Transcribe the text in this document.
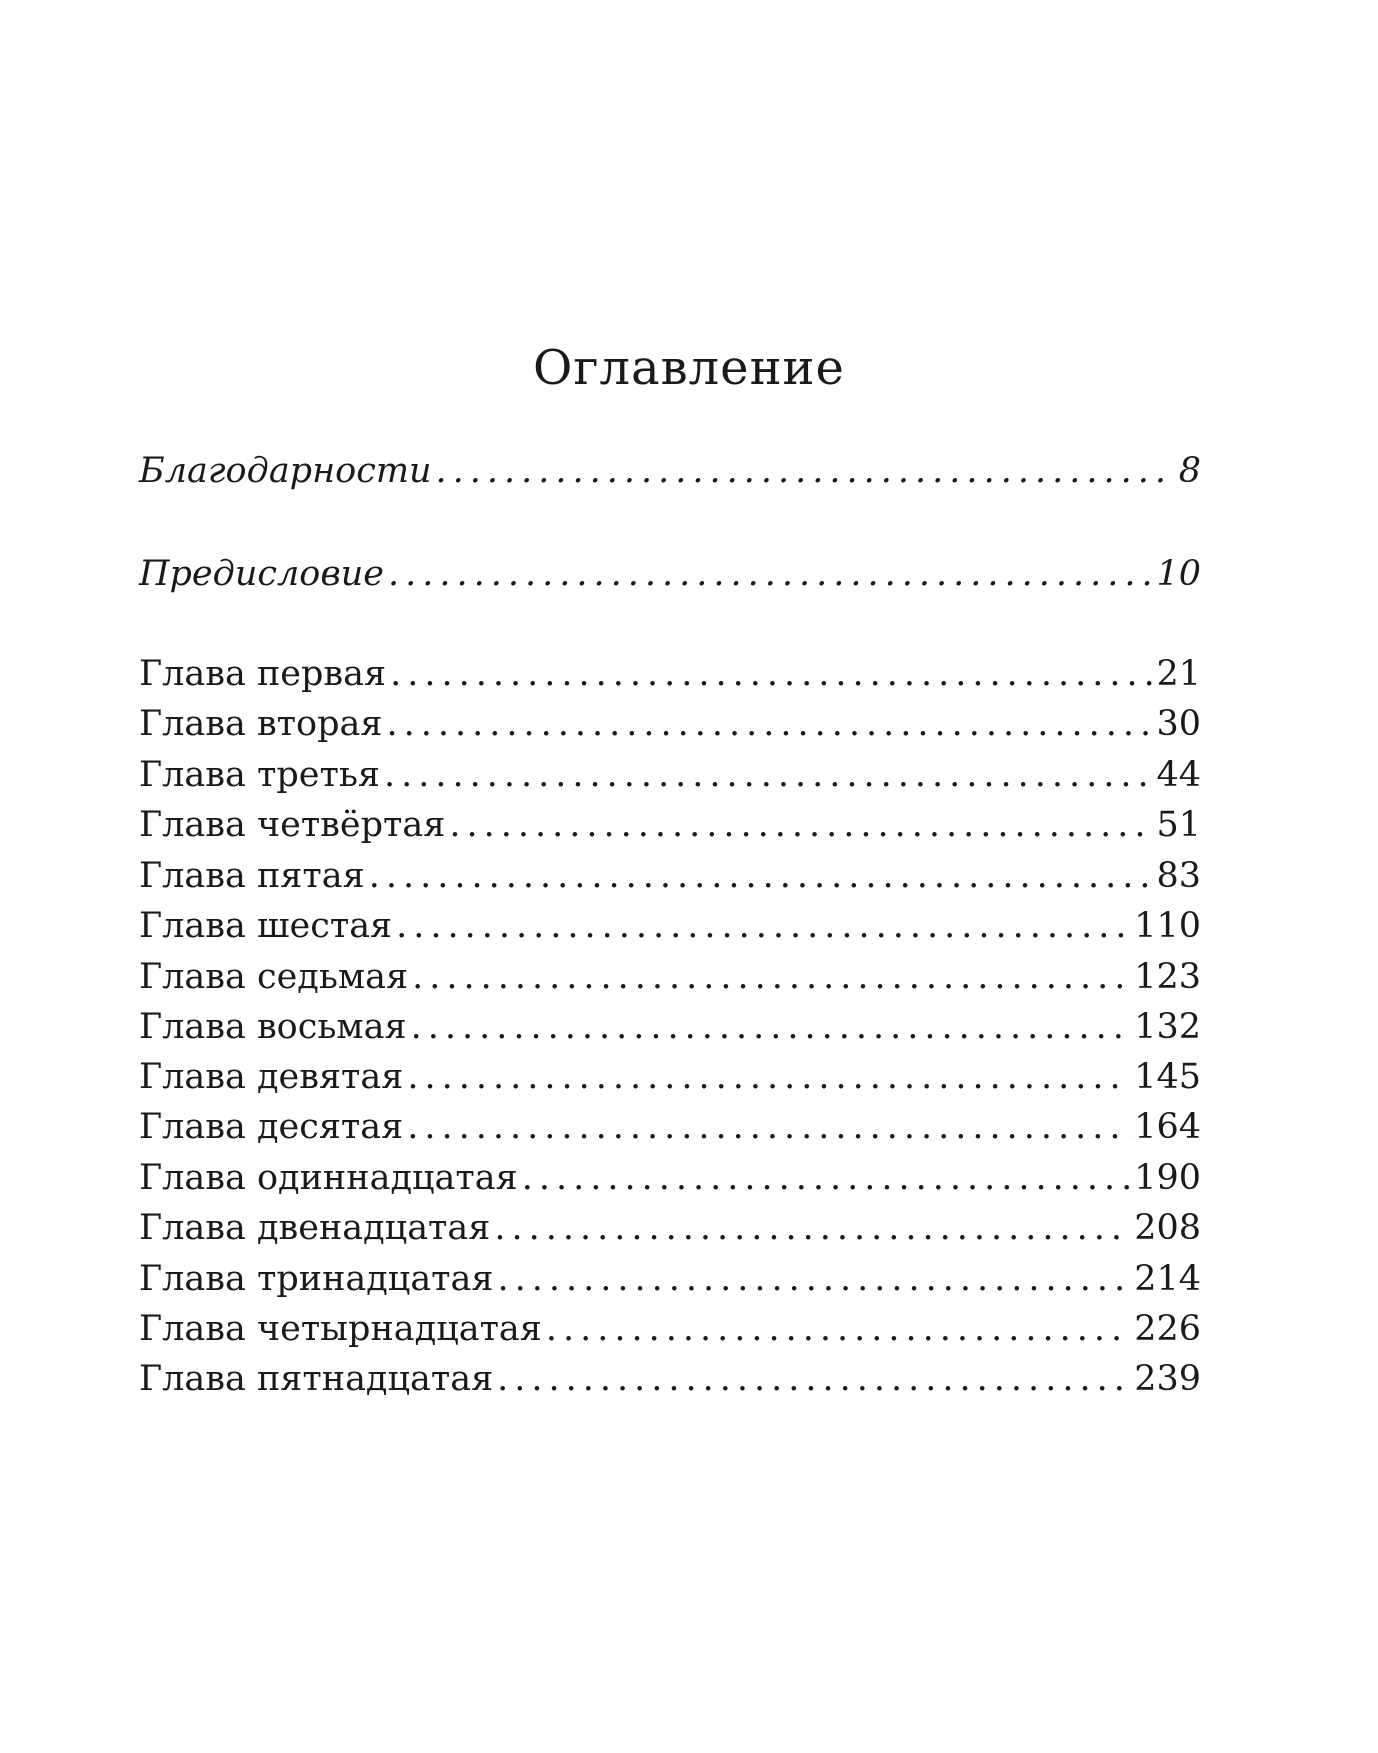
Оглавление
Благодарности .....	8
Предисловие .....	10
Глава первая .....	21
Глава вторая .....	30
Глава третья .....	44
Глава четвёртая .....	51
Глава пятая .....	83
Глава шестая .....	110
Глава седьмая .....	123
Глава восьмая .....	132
Глава девятая .....	145
Глава десятая .....	164
Глава одиннадцатая .....	190
Глава двенадцатая .....	208
Глава тринадцатая .....	214
Глава четырнадцатая .....	226
Глава пятнадцатая .....	239
